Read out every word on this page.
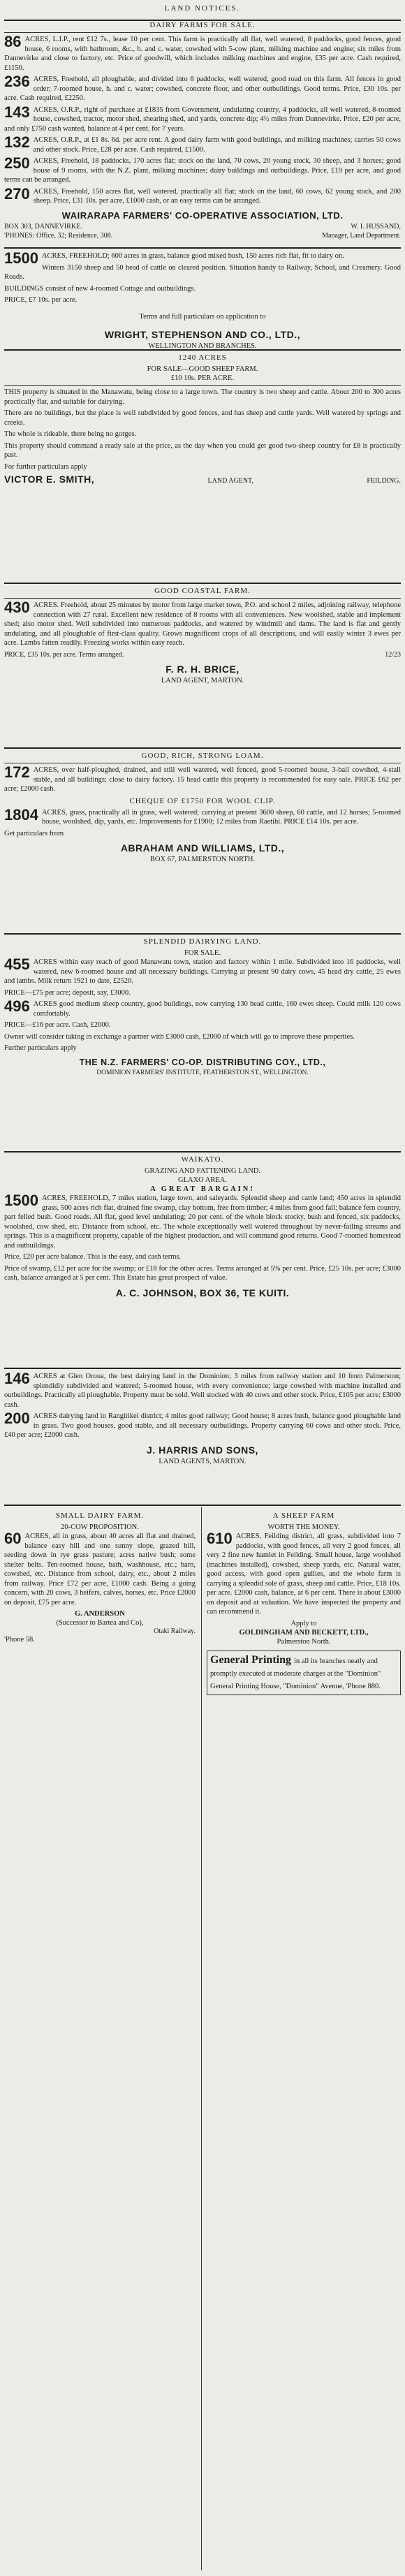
LAND NOTICES.
DAIRY FARMS FOR SALE.
86 ACRES, L.I.P., rent £12 7s., lease 10 per cent. This farm is practically all flat, well watered, 8 paddocks, good fences, good house, 6 rooms, with bathroom, &c., h. and c. water, cowshed with 5-cow plant, milking machine and engine; six miles from Dannevirke and close to factory, etc. Price of goodwill, which includes milking machines and engine, £35 per acre. Cash required, £1150.

236 ACRES, Freehold, all ploughable, and divided into 8 paddocks, well watered, good road on this farm. All fences in good order; 7-roomed house, h. and c. water; cowshed, concrete floor, and other outbuildings. Good terms. Price, £30 10s. per acre. Cash required, £2250.

143 ACRES, O.R.P., right of purchase at £1835 from Government, undulating country, 4 paddocks, all well watered, 8-roomed house, cowshed, tractor, motor shed, shearing shed, and yards, concrete dip; 4½ miles from Dannevirke. Price, £20 per acre, and only £750 cash wanted, balance at 4 per cent. for 7 years.

132 ACRES, O.R.P., at £1 8s. 6d. per acre rent. A good dairy farm with good buildings, and milking machines; carries 50 cows and other stock. Price, £28 per acre. Cash required, £1500.

250 ACRES, Freehold, 18 paddocks, 170 acres flat; stock on the land, 70 cows, 20 young stock, 30 sheep, and 3 horses; good house of 9 rooms, with the N.Z. plant, milking machines; dairy buildings and outbuildings. Price, £19 per acre, and good terms can be arranged.

270 ACRES, Freehold, 150 acres flat, well watered, practically all flat; stock on the land, 60 cows, 62 young stock, and 200 sheep. Price, £31 10s. per acre, £1000 cash, or an easy terms can be arranged.

WAIRARAPA FARMERS' CO-OPERATIVE ASSOCIATION, LTD.
BOX 303, DANNEVIRKE.	W. I. HUSSAND,
'PHONES: Office, 32; Residence, 308.	Manager, Land Department.
1500 ACRES, FREEHOLD; 600 acres in grass, balance good mixed bush, 150 acres rich flat, fit to dairy on.

Winters 3150 sheep and 50 head of cattle on cleared position. Situation handy to Railway, School, and Creamery. Good Roads.

BUILDINGS consist of new 4-roomed Cottage and outbuildings.

PRICE, £7 10s. per acre.

Terms and full particulars on application to

WRIGHT, STEPHENSON AND CO., LTD.,
WELLINGTON AND BRANCHES.
1240 ACRES
FOR SALE—GOOD SHEEP FARM.
£10 10s. PER ACRE.

THIS property is situated in the Manawatu, being close to a large town. The country is two sheep and cattle. About 200 to 300 acres practically flat, and suitable for dairying.

There are no buildings, but the place is well subdivided by good fences, and has sheep and cattle yards. Well watered by springs and creeks.

The whole is rideable, there being no gorges.

This property should command a ready sale at the price, as the day when you could get good two-sheep country for £8 is practically past.

For further particulars apply

VICTOR E. SMITH,	LAND AGENT,	FEILDING.
GOOD COASTAL FARM.
430 ACRES. Freehold, about 25 minutes by motor from large market town, P.O. and school 2 miles, adjoining railway, telephone connection with 27 rural. Excellent new residence of 8 rooms with all conveniences. New woolshed, stable and implement shed; also motor shed. Well subdivided into numerous paddocks, and watered by windmill and dams. The land is flat and gently undulating, and all ploughable of first-class quality. Grows magnificent crops of all descriptions, and will easily winter 3 ewes per acre. Lambs fatten readily. Freezing works within easy reach.

PRICE, £35 10s. per acre. Terms arranged.	12/23
F. R. H. BRICE,
LAND AGENT, MARTON.
GOOD, RICH, STRONG LOAM.
172 ACRES, over half-ploughed, drained, and still well watered, well fenced, good 5-roomed house, 3-bail cowshed, 4-stall stable, and all buildings; close to dairy factory. 15 head cattle this property is recommended for easy sale. PRICE £62 per acre; £2000 cash.

CHEQUE OF £1750 FOR WOOL CLIP.
1804 ACRES, grass, practically all in grass, well watered; carrying at present 3600 sheep, 60 cattle, and 12 horses; 5-roomed house, woolshed, dip, yards, etc. Improvements for £1900; 12 miles from Raetihi. PRICE £14 10s. per acre.

Get particulars from

ABRAHAM AND WILLIAMS, LTD.,
BOX 67, PALMERSTON NORTH.
SPLENDID DAIRYING LAND.
FOR SALE.
455 ACRES within easy reach of good Manawatu town, station and factory within 1 mile. Subdivided into 16 paddocks, well watered, new 6-roomed house and all necessary buildings. Carrying at present 90 dairy cows, 45 head dry cattle, 25 ewes and lambs. Milk return 1921 to date, £2520.

PRICE—£75 per acre; deposit, say, £3000.

496 ACRES good medium sheep country, good buildings, now carrying 130 head cattle, 160 ewes sheep. Could milk 120 cows comfortably.

PRICE—£16 per acre. Cash, £2000.

Owner will consider taking in exchange a partner with £3000 cash, £2000 of which will go to improve these properties.

Further particulars apply

THE N.Z. FARMERS' CO-OP. DISTRIBUTING COY., LTD.,
DOMINION FARMERS' INSTITUTE, FEATHERSTON ST., WELLINGTON.
WAIKATO.
GRAZING AND FATTENING LAND.
GLAXO AREA.
A GREAT BARGAIN!
1500 ACRES, FREEHOLD, 7 miles station, large town, and saleyards. Splendid sheep and cattle land; 450 acres in splendid grass, 500 acres rich flat, drained fine swamp, clay bottom, free from timber; 4 miles from good fall; balance fern country, part felled bush. Good roads. All flat, good level undulating; 20 per cent. of the whole block stocky, bush and fenced, six paddocks, woolshed, cow shed, etc. Distance from school, etc. The whole exceptionally well watered throughout by never-failing streams and springs. This is a magnificent property, capable of the highest production, and will command good returns. Good 7-roomed homestead and outbuildings.

Price, £20 per acre balance. This is the easy, and cash terms.

Price of swamp, £12 per acre for the swamp; or £18 for the other acres. Terms arranged at 5% per cent. Price, £25 10s. per acre; £3000 cash, balance arranged at 5 per cent. This Estate has great prospect of value.

A. C. JOHNSON, BOX 36, TE KUITI.
146 ACRES at Glen Oroua, the best dairying land in the Dominion; 3 miles from railway station and 10 from Palmerston; splendidly subdivided and watered; 5-roomed house, with every convenience; large cowshed with machine installed and outbuildings. Practically all ploughable. Property must be sold. Well stocked with 40 cows and other stock. Price, £105 per acre; £3000 cash.

200 ACRES dairying land in Rangitikei district; 4 miles good railway; Good house; 8 acres bush, balance good ploughable land in grass. Two good houses, good stable, and all necessary outbuildings. Property carrying 60 cows and other stock. Price, £40 per acre; £2000 cash.

J. HARRIS AND SONS,
LAND AGENTS, MARTON.
SMALL DAIRY FARM.
20-COW PROPOSITION.
60 ACRES, all in grass, about 40 acres all flat and drained, balance easy hill and one sunny slope, grazed hill, seeding down in rye grass pasture; acres native bush; some shelter belts. Ten-roomed house, bath, washhouse, etc.; barn, cowshed, etc. Distance from school, dairy, etc., about 2 miles from railway. Price £72 per acre, £1000 cash. Being a going concern, with 20 cows, 3 heifers, calves, horses, etc. Price £2000 on deposit, £75 per acre.

G. ANDERSON
(Successor to Bartea and Co),
Otaki Railway.
'Phone 58.
A SHEEP FARM
WORTH THE MONEY.
610 ACRES, Feilding district, all grass, subdivided into 7 paddocks, with good fences, all very 2 good fences, all very 2 fine new hamlet in Feilding. Small house, large woolshed (machines installed), cowshed, sheep yards, etc. Natural water, good access, with good open gullies, and the whole farm is carrying a splendid sole of grass, sheep and cattle. Price, £18 10s. per acre. £2000 cash, balance, at 6 per cent. There is about £3000 on deposit and at valuation. We have inspected the property and can recommend it.

Apply to
GOLDINGHAM AND BECKETT, LTD.,
Palmerston North.
General Printing in all its branches neatly and promptly executed at moderate charges at the "Dominion" General Printing House, "Dominion" Avenue, 'Phone 880.
